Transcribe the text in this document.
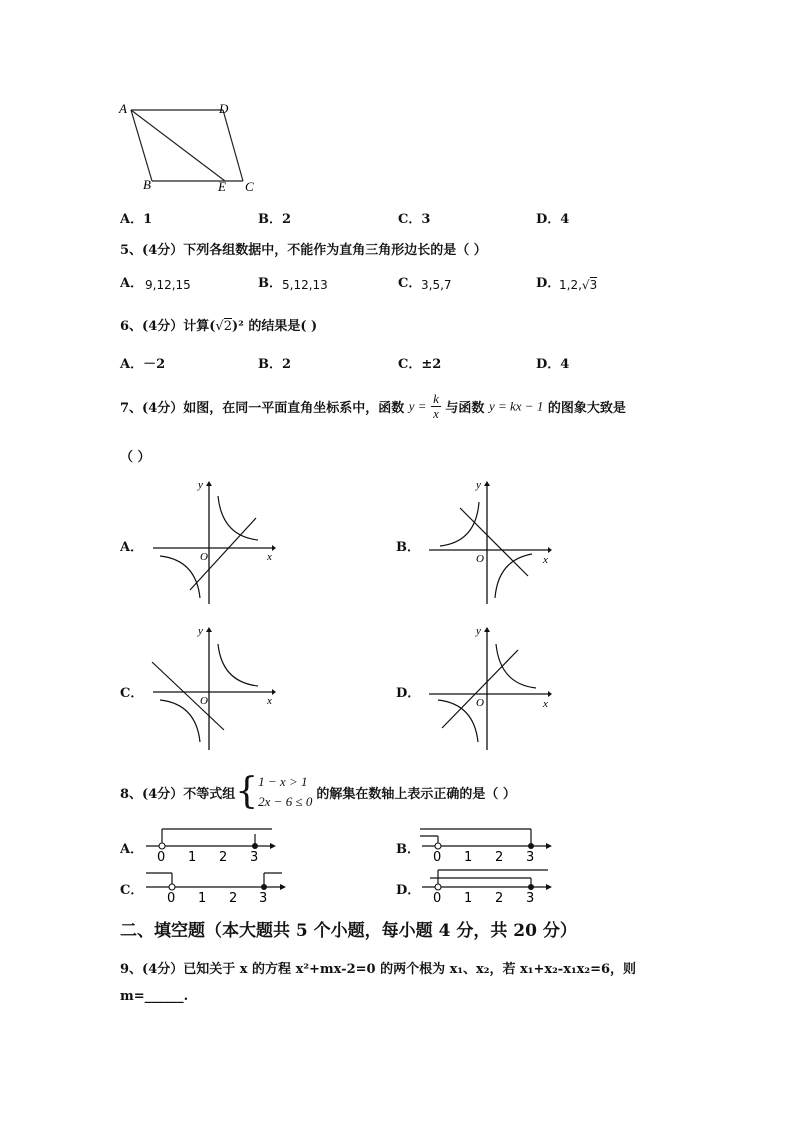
A	D
B	E C
A．1	B．2	C．3	D．4
5、(4分）下列各组数据中，不能作为直角三角形边长的是（ ）
A． 9,12,15	B． 5,12,13	C． 3,5,7	D．
1,2,√3
6、(4分）计算(√2)² 的结果是( )
A．－2	B．2	C．±2	D．4
7、(4分）如图，在同一平面直角坐标系中，函数 $y = \frac{k}{x}$ 与函数 y = kx − 1 的图象大致是
（ ）
A．	B．
C．	D．
y
x
O
y
x
O
y
x
O
y
x
O
8、(4分）不等式组 { 1 − x > 1
2x − 6 ≤ 0 的解集在数轴上表示正确的是（ ）
A．	B．
C．	D．
0 1 2 3	0 1 2 3
0 1 2 3	0 1 2 3
二、填空题（本大题共 5 个小题，每小题 4 分，共 20 分）
9、(4分）已知关于 x 的方程 x²+mx-2=0 的两个根为 x₁、x₂，若 x₁+x₂-x₁x₂=6，则
m=______.
